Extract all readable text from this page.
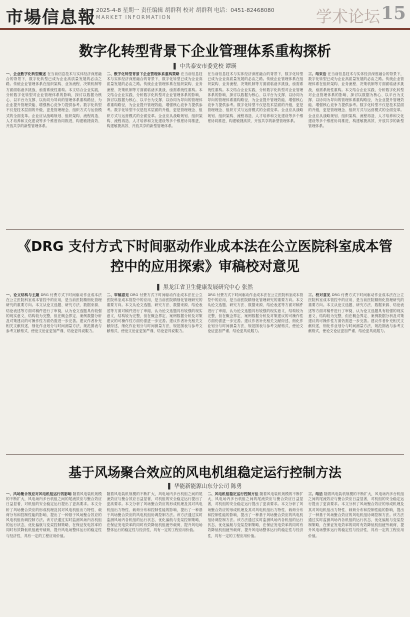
市場信息報 2025-4-8 星期一 责任编辑 胡群利 校对 胡群利 电话：0451-82468080
MARKET INFORMATION	学术论坛 15
数字化转型背景下企业管理体系重构探析
▌ 中共泰安市委党校 谭瑛
一、企业数字化转型概述 在当前信息技术与实体经济深度融合的背景下，数字化转型已成为企业高质量发展的必由之路。传统企业管理体系在组织架构、业务流程、决策机制等方面面临诸多挑战，亟需系统性重构。本文结合企业实践，分析数字化转型对企业管理体系的影响，探讨以数据为核心、以平台为支撑、以协同为导向的管理体系重构路径，为企业提升管理效能、增强核心竞争力提供参考。数字化转型不仅是技术层面的升级，更是管理理念、组织方式与运营模式的全面变革。企业应从战略规划、组织架构、流程再造、人才培养和文化建设等多个维度协同推进，构建敏捷高效、开放共享的新型管理体系。
二、数字化转型背景下企业管理体系重构策略 在当前信息技术与实体经济深度融合的背景下，数字化转型已成为企业高质量发展的必由之路。传统企业管理体系在组织架构、业务流程、决策机制等方面面临诸多挑战，亟需系统性重构。本文结合企业实践，分析数字化转型对企业管理体系的影响，探讨以数据为核心、以平台为支撑、以协同为导向的管理体系重构路径，为企业提升管理效能、增强核心竞争力提供参考。数字化转型不仅是技术层面的升级，更是管理理念、组织方式与运营模式的全面变革。企业应从战略规划、组织架构、流程再造、人才培养和文化建设等多个维度协同推进，构建敏捷高效、开放共享的新型管理体系。
在当前信息技术与实体经济深度融合的背景下，数字化转型已成为企业高质量发展的必由之路。传统企业管理体系在组织架构、业务流程、决策机制等方面面临诸多挑战，亟需系统性重构。本文结合企业实践，分析数字化转型对企业管理体系的影响，探讨以数据为核心、以平台为支撑、以协同为导向的管理体系重构路径，为企业提升管理效能、增强核心竞争力提供参考。数字化转型不仅是技术层面的升级，更是管理理念、组织方式与运营模式的全面变革。企业应从战略规划、组织架构、流程再造、人才培养和文化建设等多个维度协同推进，构建敏捷高效、开放共享的新型管理体系。
三、结束语 在当前信息技术与实体经济深度融合的背景下，数字化转型已成为企业高质量发展的必由之路。传统企业管理体系在组织架构、业务流程、决策机制等方面面临诸多挑战，亟需系统性重构。本文结合企业实践，分析数字化转型对企业管理体系的影响，探讨以数据为核心、以平台为支撑、以协同为导向的管理体系重构路径，为企业提升管理效能、增强核心竞争力提供参考。数字化转型不仅是技术层面的升级，更是管理理念、组织方式与运营模式的全面变革。企业应从战略规划、组织架构、流程再造、人才培养和文化建设等多个维度协同推进，构建敏捷高效、开放共享的新型管理体系。
《DRG 支付方式下时间驱动作业成本法在公立医院科室成本管控中的应用探索》审稿校对意见
▌ 黑龙江省卫生健康发展研究中心 张然
一、论文结构与主题 DRG 付费方式下时间驱动作业成本法在公立医院科室成本管控中的应用，是当前医院精细化管理研究的重要方向。本文从论文选题、研究方法、数据来源、结论表述等方面对稿件进行了审阅，认为论文选题具有较强的现实意义，结构较为完整，但在概念界定、案例数据分析及对策建议的可操作性方面仍需进一步完善。建议作者补充相关文献综述，细化作业划分与时间测量方法，规范图表与参考文献格式，使论文论证更加严谨、结论更具说服力。
二、审稿意见 DRG 付费方式下时间驱动作业成本法在公立医院科室成本管控中的应用，是当前医院精细化管理研究的重要方向。本文从论文选题、研究方法、数据来源、结论表述等方面对稿件进行了审阅，认为论文选题具有较强的现实意义，结构较为完整，但在概念界定、案例数据分析及对策建议的可操作性方面仍需进一步完善。建议作者补充相关文献综述，细化作业划分与时间测量方法，规范图表与参考文献格式，使论文论证更加严谨、结论更具说服力。
DRG 付费方式下时间驱动作业成本法在公立医院科室成本管控中的应用，是当前医院精细化管理研究的重要方向。本文从论文选题、研究方法、数据来源、结论表述等方面对稿件进行了审阅，认为论文选题具有较强的现实意义，结构较为完整，但在概念界定、案例数据分析及对策建议的可操作性方面仍需进一步完善。建议作者补充相关文献综述，细化作业划分与时间测量方法，规范图表与参考文献格式，使论文论证更加严谨、结论更具说服力。
三、校对意见 DRG 付费方式下时间驱动作业成本法在公立医院科室成本管控中的应用，是当前医院精细化管理研究的重要方向。本文从论文选题、研究方法、数据来源、结论表述等方面对稿件进行了审阅，认为论文选题具有较强的现实意义，结构较为完整，但在概念界定、案例数据分析及对策建议的可操作性方面仍需进一步完善。建议作者补充相关文献综述，细化作业划分与时间测量方法，规范图表与参考文献格式，使论文论证更加严谨、结论更具说服力。
基于风场聚合效应的风电机组稳定运行控制方法
▌ 华能新能源山东分公司 陈勇
一、风场聚合效应对风电机组运行的影响 随着风电装机规模的不断扩大，风电场内多台机组之间的尾流效应与聚合效应日益显著，对机组的安全稳定运行提出了更高要求。本文分析了风场聚合效应的形成机理及其对风电机组出力特性、载荷分布和控制性能的影响，提出了一种基于风场聚合效应的风电机组协调控制方法。该方法通过实时监测风场内各机组的运行状态，优化偏航与变桨控制策略，在保证发电效率的同时有效降低机组疲劳载荷，提升风电场整体运行的稳定性与经济性，具有一定的工程应用价值。
随着风电装机规模的不断扩大，风电场内多台机组之间的尾流效应与聚合效应日益显著，对机组的安全稳定运行提出了更高要求。本文分析了风场聚合效应的形成机理及其对风电机组出力特性、载荷分布和控制性能的影响，提出了一种基于风场聚合效应的风电机组协调控制方法。该方法通过实时监测风场内各机组的运行状态，优化偏航与变桨控制策略，在保证发电效率的同时有效降低机组疲劳载荷，提升风电场整体运行的稳定性与经济性，具有一定的工程应用价值。
二、风电机组稳定运行控制方法 随着风电装机规模的不断扩大，风电场内多台机组之间的尾流效应与聚合效应日益显著，对机组的安全稳定运行提出了更高要求。本文分析了风场聚合效应的形成机理及其对风电机组出力特性、载荷分布和控制性能的影响，提出了一种基于风场聚合效应的风电机组协调控制方法。该方法通过实时监测风场内各机组的运行状态，优化偏航与变桨控制策略，在保证发电效率的同时有效降低机组疲劳载荷，提升风电场整体运行的稳定性与经济性，具有一定的工程应用价值。
三、结语 随着风电装机规模的不断扩大，风电场内多台机组之间的尾流效应与聚合效应日益显著，对机组的安全稳定运行提出了更高要求。本文分析了风场聚合效应的形成机理及其对风电机组出力特性、载荷分布和控制性能的影响，提出了一种基于风场聚合效应的风电机组协调控制方法。该方法通过实时监测风场内各机组的运行状态，优化偏航与变桨控制策略，在保证发电效率的同时有效降低机组疲劳载荷，提升风电场整体运行的稳定性与经济性，具有一定的工程应用价值。
